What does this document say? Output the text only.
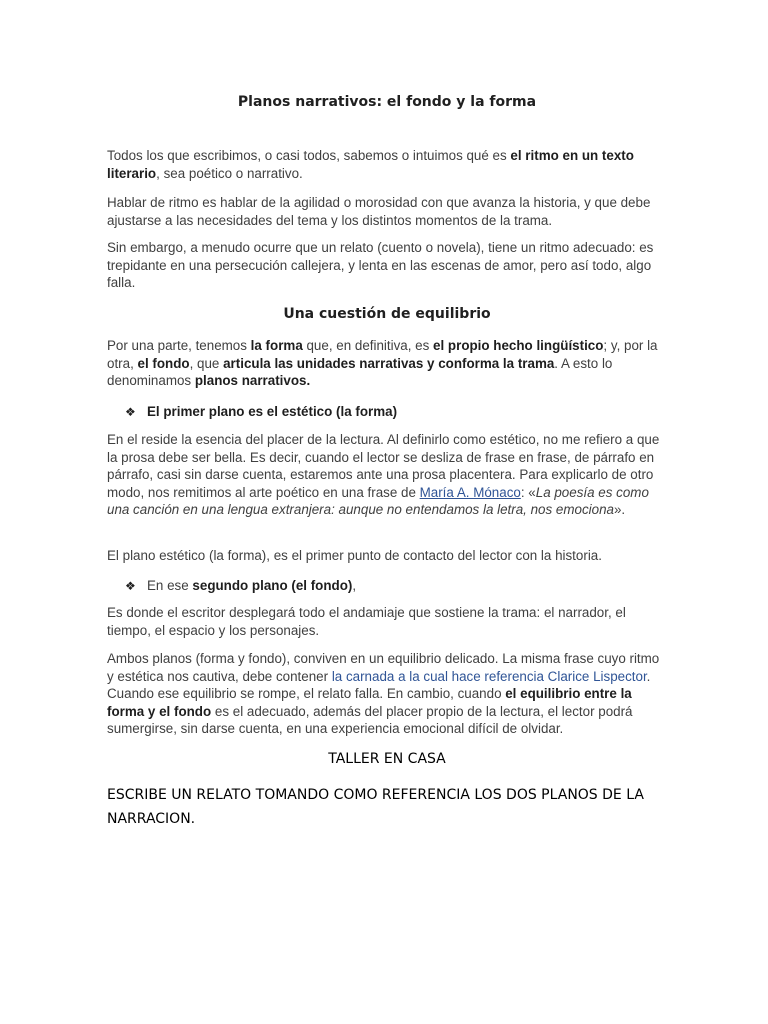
Planos narrativos: el fondo y la forma

Todos los que escribimos, o casi todos, sabemos o intuimos qué es el ritmo en un texto literario, sea poético o narrativo.

Hablar de ritmo es hablar de la agilidad o morosidad con que avanza la historia, y que debe ajustarse a las necesidades del tema y los distintos momentos de la trama.

Sin embargo, a menudo ocurre que un relato (cuento o novela), tiene un ritmo adecuado: es trepidante en una persecución callejera, y lenta en las escenas de amor, pero así todo, algo falla.

Una cuestión de equilibrio

Por una parte, tenemos la forma que, en definitiva, es el propio hecho lingüístico; y, por la otra, el fondo, que articula las unidades narrativas y conforma la trama. A esto lo denominamos planos narrativos.

❖ El primer plano es el estético (la forma)

En el reside la esencia del placer de la lectura. Al definirlo como estético, no me refiero a que la prosa debe ser bella. Es decir, cuando el lector se desliza de frase en frase, de párrafo en párrafo, casi sin darse cuenta, estaremos ante una prosa placentera. Para explicarlo de otro modo, nos remitimos al arte poético en una frase de María A. Mónaco: «La poesía es como una canción en una lengua extranjera: aunque no entendamos la letra, nos emociona».

El plano estético (la forma), es el primer punto de contacto del lector con la historia.

❖ En ese segundo plano (el fondo),

Es donde el escritor desplegará todo el andamiaje que sostiene la trama: el narrador, el tiempo, el espacio y los personajes.

Ambos planos (forma y fondo), conviven en un equilibrio delicado. La misma frase cuyo ritmo y estética nos cautiva, debe contener la carnada a la cual hace referencia Clarice Lispector. Cuando ese equilibrio se rompe, el relato falla. En cambio, cuando el equilibrio entre la forma y el fondo es el adecuado, además del placer propio de la lectura, el lector podrá sumergirse, sin darse cuenta, en una experiencia emocional difícil de olvidar.

TALLER EN CASA

ESCRIBE UN RELATO TOMANDO COMO REFERENCIA LOS DOS PLANOS DE LA NARRACION.
